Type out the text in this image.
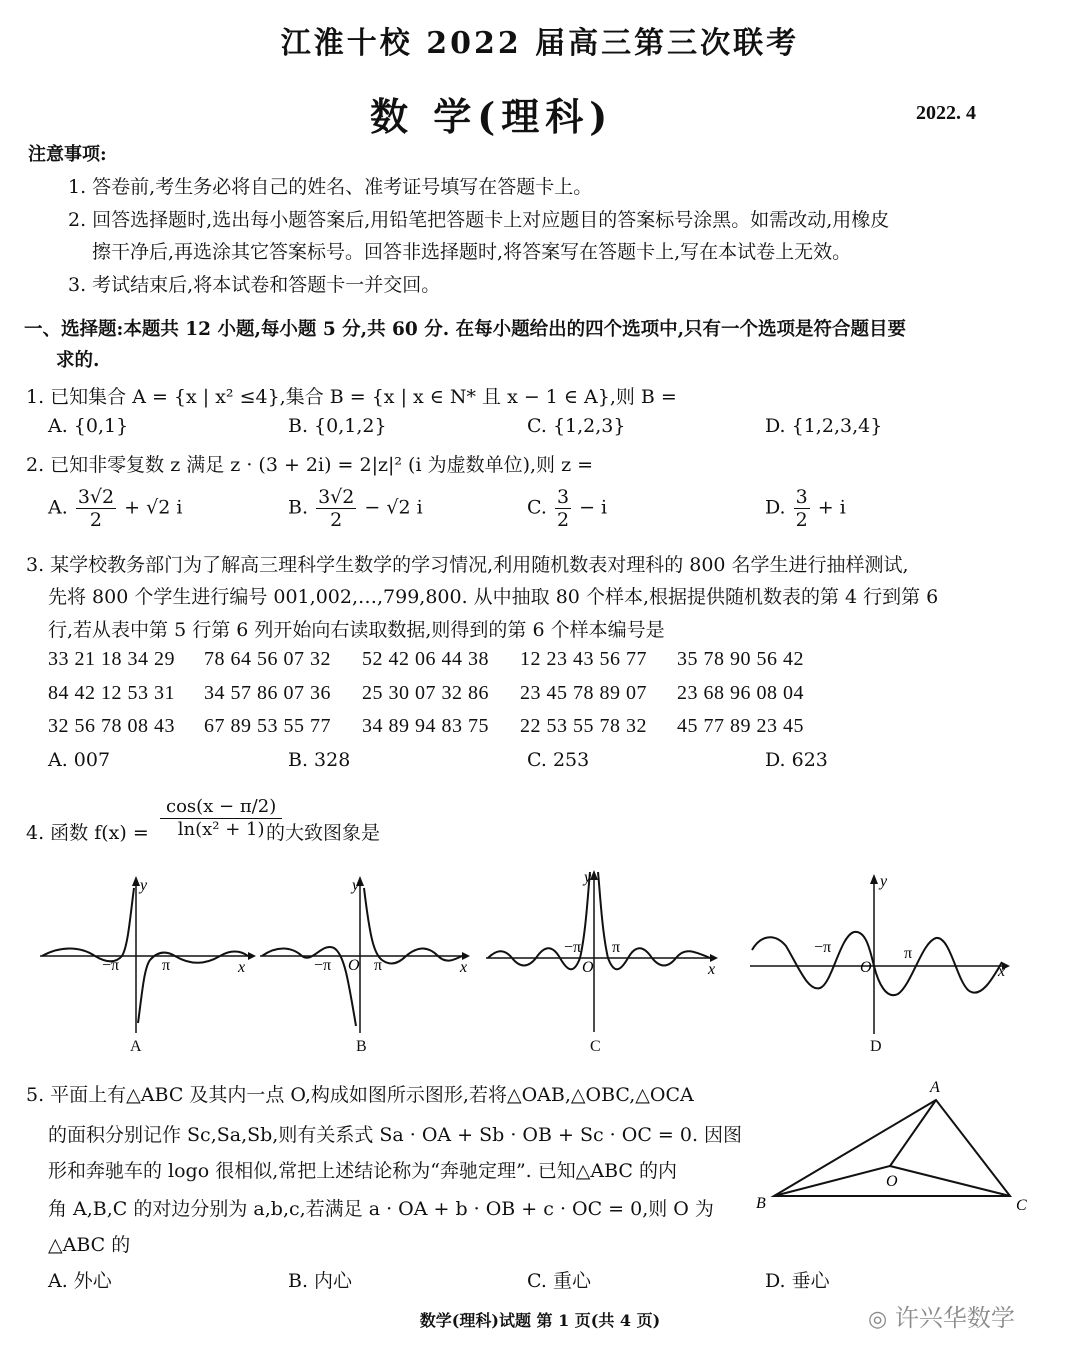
江淮十校 2022 届高三第三次联考
数 学(理科)	2022. 4
注意事项:
1. 答卷前,考生务必将自己的姓名、准考证号填写在答题卡上。
2. 回答选择题时,选出每小题答案后,用铅笔把答题卡上对应题目的答案标号涂黑。如需改动,用橡皮
擦干净后,再选涂其它答案标号。回答非选择题时,将答案写在答题卡上,写在本试卷上无效。
3. 考试结束后,将本试卷和答题卡一并交回。
一、选择题:本题共 12 小题,每小题 5 分,共 60 分. 在每小题给出的四个选项中,只有一个选项是符合题目要
求的.
1. 已知集合 A = {x | x² ≤4},集合 B = {x | x ∈ N* 且 x − 1 ∈ A},则 B =
A. {0,1}	B. {0,1,2}	C. {1,2,3}	D. {1,2,3,4}
2. 已知非零复数 z 满足 z · (3 + 2i) = 2|z|² (i 为虚数单位),则 z =
A. $\frac{3√2}{2} + √2$ i	B. $\frac{3√2}{2} - √2$ i	C. $\frac{3}{2} - i$	D. $\frac{3}{2} + i$
3. 某学校教务部门为了解高三理科学生数学的学习情况,利用随机数表对理科的 800 名学生进行抽样测试,
先将 800 个学生进行编号 001,002,…,799,800. 从中抽取 80 个样本,根据提供随机数表的第 4 行到第 6
行,若从表中第 5 行第 6 列开始向右读取数据,则得到的第 6 个样本编号是
33 21 18 34 29 78 64 56 07 32 52 42 06 44 38 12 23 43 56 77 35 78 90 56 42
84 42 12 53 31 34 57 86 07 36 25 30 07 32 86 23 45 78 89 07 23 68 96 08 04
32 56 78 08 43 67 89 53 55 77 34 89 94 83 75 22 53 55 78 32 45 77 89 23 45
A. 007	B. 328	C. 253	D. 623
4. 函数 $f(x) = \frac{\cos(x - \pi/2)}{\text{ln(x² + 1)}}$
的大致图象是
y
x
−π	π
A
y
x
O
−π	π
B
y
x
O
−π π
C
y
x
O
−π	π
D
5. 平面上有△ABC 及其内一点 O,构成如图所示图形,若将△OAB,△OBC,△OCA
的面积分别记作 Sc,Sa,Sb,则有关系式 Sa · OA + Sb · OB + Sc · OC = 0. 因图
形和奔驰车的 logo 很相似,常把上述结论称为“奔驰定理”. 已知△ABC 的内
角 A,B,C 的对边分别为 a,b,c,若满足 a · OA + b · OB + c · OC = 0,则 O 为
△ABC 的
A. 外心	B. 内心	C. 重心	D. 垂心
A
B	C
O
数学(理科)试题 第 1 页(共 4 页)	◎ 许兴华数学
